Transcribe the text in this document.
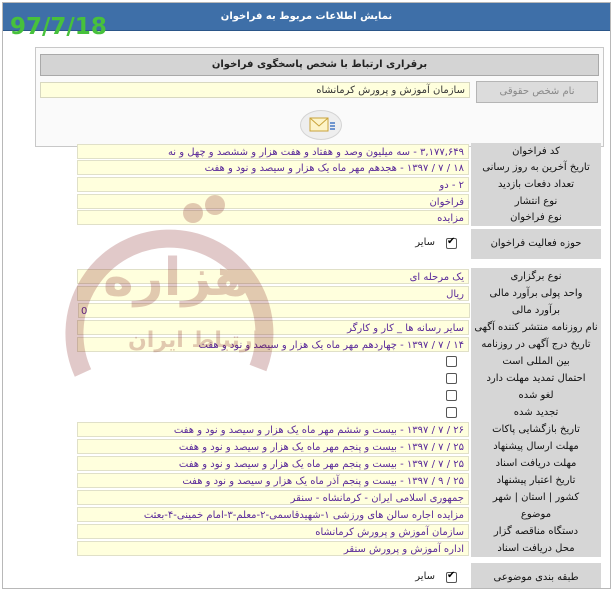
نمایش اطلاعات مربوط به فراخوان
برقراری ارتباط با شخص پاسخگوی فراخوان
سازمان آموزش و پرورش کرمانشاه	نام شخص حقوقی
کد فراخوان
۳,۱۷۷,۶۴۹ - سه میلیون وصد و هفتاد و هفت هزار و ششصد و چهل و نه
تاریخ آخرین به روز رسانی
۱۸ / ۷ / ۱۳۹۷ - هجدهم مهر ماه یک هزار و سیصد و نود و هفت
تعداد دفعات بازدید
۲ - دو
نوع انتشار
فراخوان
نوع فراخوان
مزایده
حوزه فعالیت فراخوان
✔
سایر
نوع برگزاری
یک مرحله ای
واحد پولی برآورد مالی
ریال
برآورد مالی
0
نام روزنامه منتشر کننده آگهی
سایر رسانه ها _ کار و کارگر
تاریخ درج آگهی در روزنامه
۱۴ / ۷ / ۱۳۹۷ - چهاردهم مهر ماه یک هزار و سیصد و نود و هفت
بین المللی است
احتمال تمدید مهلت دارد
لغو شده
تجدید شده
تاریخ بازگشایی پاکات
۲۶ / ۷ / ۱۳۹۷ - بیست و ششم مهر ماه یک هزار و سیصد و نود و هفت
مهلت ارسال پیشنهاد
۲۵ / ۷ / ۱۳۹۷ - بیست و پنجم مهر ماه یک هزار و سیصد و نود و هفت
مهلت دریافت اسناد
۲۵ / ۷ / ۱۳۹۷ - بیست و پنجم مهر ماه یک هزار و سیصد و نود و هفت
تاریخ اعتبار پیشنهاد
۲۵ / ۹ / ۱۳۹۷ - بیست و پنجم آذر ماه یک هزار و سیصد و نود و هفت
کشور | استان | شهر
جمهوری اسلامی ایران - کرمانشاه - سنقر
موضوع
مزایده اجاره سالن های ورزشی ۱-شهیدقاسمی-۲-معلم-۳-امام خمینی-۴-بعثت
دستگاه مناقصه گزار
سازمان آموزش و پرورش کرمانشاه
محل دریافت اسناد
اداره آموزش و پرورش سنقر
طبقه بندی موضوعی
✔
سایر
هزاره
ارتباط ایران
97/7/18
